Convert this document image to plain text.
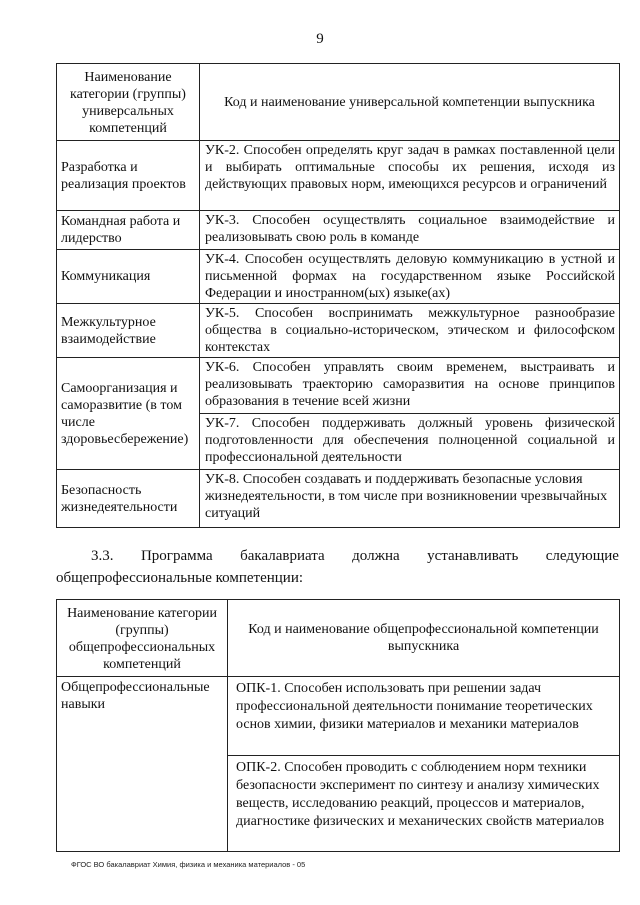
9
Наименование категории (группы) универсальных компетенций	Код и наименование универсальной компетенции выпускника
Разработка и реализация проектов	УК-2. Способен определять круг задач в рамках поставленной цели и выбирать оптимальные способы их решения, исходя из действующих правовых норм, имеющихся ресурсов и ограничений
Командная работа и лидерство	УК-3. Способен осуществлять социальное взаимодействие и реализовывать свою роль в команде
Коммуникация	УК-4. Способен осуществлять деловую коммуникацию в устной и письменной формах на государственном языке Российской Федерации и иностранном(ых) языке(ах)
Межкультурное взаимодействие	УК-5. Способен воспринимать межкультурное разнообразие общества в социально-историческом, этическом и философском контекстах
Самоорганизация и саморазвитие (в том числе здоровьесбережение)	УК-6. Способен управлять своим временем, выстраивать и реализовывать траекторию саморазвития на основе принципов образования в течение всей жизни
	УК-7. Способен поддерживать должный уровень физической подготовленности для обеспечения полноценной социальной и профессиональной деятельности
Безопасность жизнедеятельности	УК-8. Способен создавать и поддерживать безопасные условия жизнедеятельности, в том числе при возникновении чрезвычайных ситуаций
3.3. Программа бакалавриата должна устанавливать следующие
общепрофессиональные компетенции:
Наименование категории (группы) общепрофессиональных компетенций	Код и наименование общепрофессиональной компетенции выпускника
Общепрофессиональные навыки	ОПК-1. Способен использовать при решении задач профессиональной деятельности понимание теоретических основ химии, физики материалов и механики материалов
	ОПК-2. Способен проводить с соблюдением норм техники безопасности эксперимент по синтезу и анализу химических веществ, исследованию реакций, процессов и материалов, диагностике физических и механических свойств материалов
ФГОС ВО бакалавриат Химия, физика и механика материалов - 05
